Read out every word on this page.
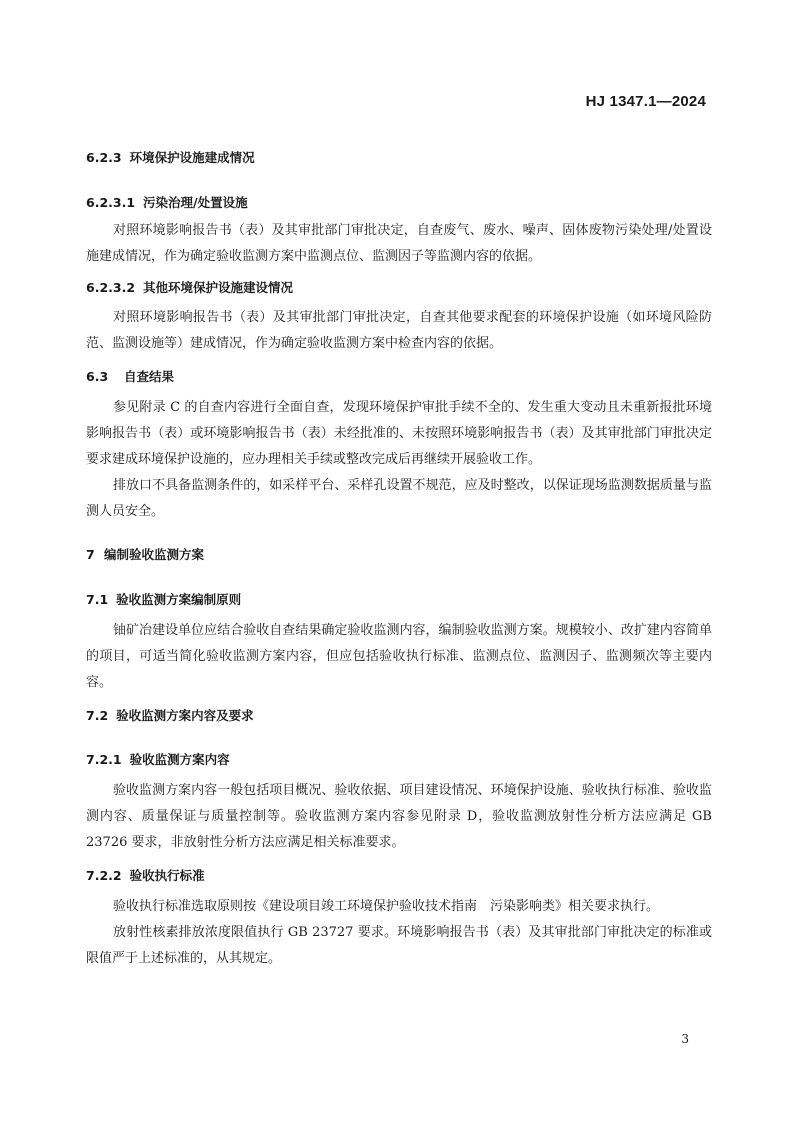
HJ 1347.1—2024
6.2.3 环境保护设施建成情况
6.2.3.1 污染治理/处置设施

对照环境影响报告书（表）及其审批部门审批决定，自查废气、废水、噪声、固体废物污染处理/处置设施建成情况，作为确定验收监测方案中监测点位、监测因子等监测内容的依据。

6.2.3.2 其他环境保护设施建设情况

对照环境影响报告书（表）及其审批部门审批决定，自查其他要求配套的环境保护设施（如环境风险防范、监测设施等）建成情况，作为确定验收监测方案中检查内容的依据。

6.3 自查结果

参见附录 C 的自查内容进行全面自查，发现环境保护审批手续不全的、发生重大变动且未重新报批环境影响报告书（表）或环境影响报告书（表）未经批准的、未按照环境影响报告书（表）及其审批部门审批决定要求建成环境保护设施的，应办理相关手续或整改完成后再继续开展验收工作。

排放口不具备监测条件的，如采样平台、采样孔设置不规范，应及时整改，以保证现场监测数据质量与监测人员安全。

7 编制验收监测方案
7.1 验收监测方案编制原则

铀矿冶建设单位应结合验收自查结果确定验收监测内容，编制验收监测方案。规模较小、改扩建内容简单的项目，可适当简化验收监测方案内容，但应包括验收执行标准、监测点位、监测因子、监测频次等主要内容。

7.2 验收监测方案内容及要求
7.2.1 验收监测方案内容

验收监测方案内容一般包括项目概况、验收依据、项目建设情况、环境保护设施、验收执行标准、验收监测内容、质量保证与质量控制等。验收监测方案内容参见附录 D，验收监测放射性分析方法应满足 GB 23726 要求，非放射性分析方法应满足相关标准要求。

7.2.2 验收执行标准

验收执行标准选取原则按《建设项目竣工环境保护验收技术指南　污染影响类》相关要求执行。

放射性核素排放浓度限值执行 GB 23727 要求。环境影响报告书（表）及其审批部门审批决定的标准或限值严于上述标准的，从其规定。

3
